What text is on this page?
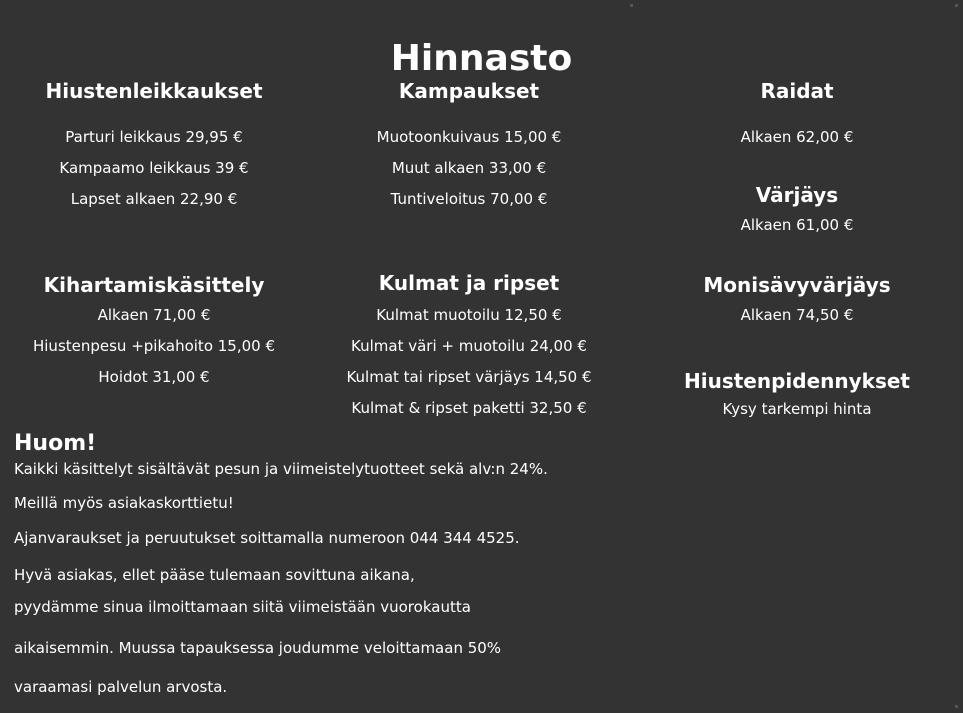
Hinnasto
Hiustenleikkaukset
Parturi leikkaus 29,95 €
Kampaamo leikkaus 39 €
Lapset alkaen 22,90 €
Kampaukset
Muotoonkuivaus 15,00 €
Muut alkaen 33,00 €
Tuntiveloitus 70,00 €
Raidat
Alkaen 62,00 €
Värjäys
Alkaen 61,00 €
Kihartamiskäsittely
Alkaen 71,00 €
Hiustenpesu +pikahoito 15,00 €
Hoidot 31,00 €
Kulmat ja ripset
Kulmat muotoilu 12,50 €
Kulmat väri + muotoilu 24,00 €
Kulmat tai ripset värjäys 14,50 €
Kulmat & ripset paketti 32,50 €
Monisävyvärjäys
Alkaen 74,50 €
Hiustenpidennykset
Kysy tarkempi hinta
Huom!

Kaikki käsittelyt sisältävät pesun ja viimeistelytuotteet sekä alv:n 24%.

Meillä myös asiakaskorttietu!

Ajanvaraukset ja peruutukset soittamalla numeroon 044 344 4525.

Hyvä asiakas, ellet pääse tulemaan sovittuna aikana,

pyydämme sinua ilmoittamaan siitä viimeistään vuorokautta

aikaisemmin. Muussa tapauksessa joudumme veloittamaan 50%

varaamasi palvelun arvosta.
